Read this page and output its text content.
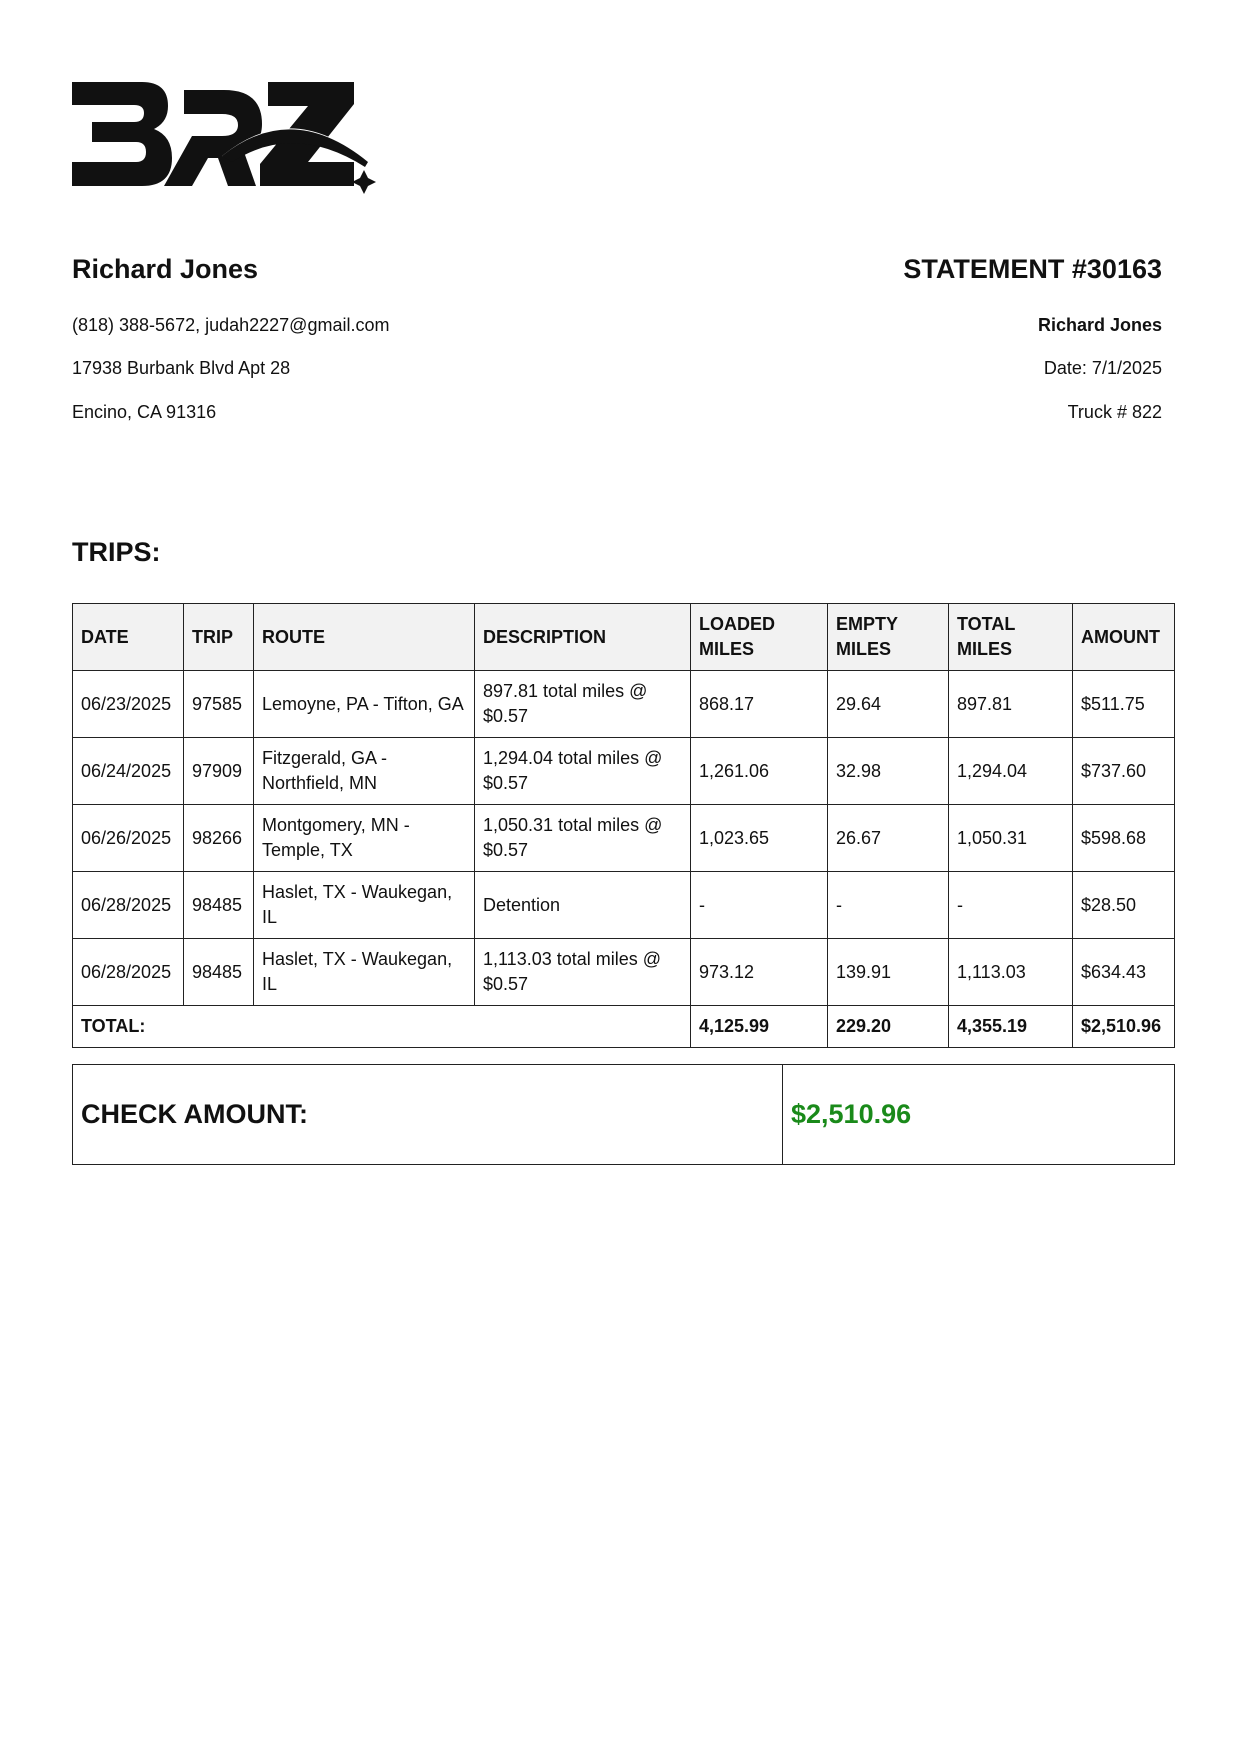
Richard Jones
(818) 388-5672, judah2227@gmail.com
17938 Burbank Blvd Apt 28
Encino, CA 91316
STATEMENT #30163
Richard Jones
Date: 7/1/2025
Truck # 822
TRIPS:
DATE	TRIP	ROUTE	DESCRIPTION	LOADED MILES	EMPTY MILES	TOTAL MILES	AMOUNT
06/23/2025	97585	Lemoyne, PA - Tifton, GA	897.81 total miles @ $0.57	868.17	29.64	897.81	$511.75
06/24/2025	97909	Fitzgerald, GA - Northfield, MN	1,294.04 total miles @ $0.57	1,261.06	32.98	1,294.04	$737.60
06/26/2025	98266	Montgomery, MN - Temple, TX	1,050.31 total miles @ $0.57	1,023.65	26.67	1,050.31	$598.68
06/28/2025	98485	Haslet, TX - Waukegan, IL	Detention	-	-	-	$28.50
06/28/2025	98485	Haslet, TX - Waukegan, IL	1,113.03 total miles @ $0.57	973.12	139.91	1,113.03	$634.43
TOTAL:				4,125.99	229.20	4,355.19	$2,510.96
CHECK AMOUNT:	$2,510.96
